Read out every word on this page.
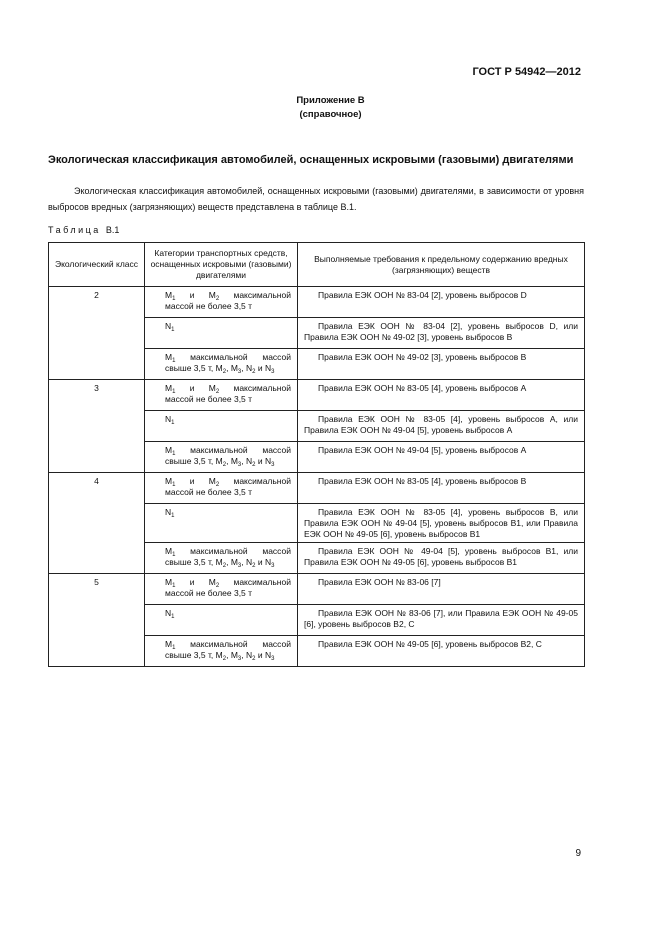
ГОСТ Р 54942—2012
Приложение В
(справочное)
Экологическая классификация автомобилей, оснащенных искровыми (газовыми) двигателями
Экологическая классификация автомобилей, оснащенных искровыми (газовыми) двигателями, в зависимости от уровня выбросов вредных (загрязняющих) веществ представлена в таблице В.1.
Таблица В.1
Экологический класс	Категории транспортных средств, оснащенных искровыми (газовыми) двигателями	Выполняемые требования к предельному содержанию вредных (загрязняющих) веществ
2	$М_1$ и $М_2$ максимальной массой не более 3,5 т	Правила ЕЭК ООН № 83-04 [2], уровень выбросов D
	$N_1$	Правила ЕЭК ООН № 83-04 [2], уровень выбросов D, или Правила ЕЭК ООН № 49-02 [3], уровень выбросов В
	$М_1$ максимальной массой свыше 3,5 т, $М_2$, $М_3$, $N_2$ и $N_3$	Правила ЕЭК ООН № 49-02 [3], уровень выбросов В
3	$М_1$ и $М_2$ максимальной массой не более 3,5 т	Правила ЕЭК ООН № 83-05 [4], уровень выбросов А
	$N_1$	Правила ЕЭК ООН № 83-05 [4], уровень выбросов А, или Правила ЕЭК ООН № 49-04 [5], уровень выбросов А
	$М_1$ максимальной массой свыше 3,5 т, $М_2$, $М_3$, $N_2$ и $N_3$	Правила ЕЭК ООН № 49-04 [5], уровень выбросов А
4	$М_1$ и $М_2$ максимальной массой не более 3,5 т	Правила ЕЭК ООН № 83-05 [4], уровень выбросов В
	$N_1$	Правила ЕЭК ООН № 83-05 [4], уровень выбросов В, или Правила ЕЭК ООН № 49-04 [5], уровень выбросов В1, или Правила ЕЭК ООН № 49-05 [6], уровень выбросов В1
	$М_1$ максимальной массой свыше 3,5 т, $М_2$, $М_3$, $N_2$ и $N_3$	Правила ЕЭК ООН № 49-04 [5], уровень выбросов В1, или Правила ЕЭК ООН № 49-05 [6], уровень выбросов В1
5	$М_1$ и $М_2$ максимальной массой не более 3,5 т	Правила ЕЭК ООН № 83-06 [7]
	$N_1$	Правила ЕЭК ООН № 83-06 [7], или Правила ЕЭК ООН № 49-05 [6], уровень выбросов В2, С
	$М_1$ максимальной массой свыше 3,5 т, $М_2$, $М_3$, $N_2$ и $N_3$	Правила ЕЭК ООН № 49-05 [6], уровень выбросов В2, С
9
